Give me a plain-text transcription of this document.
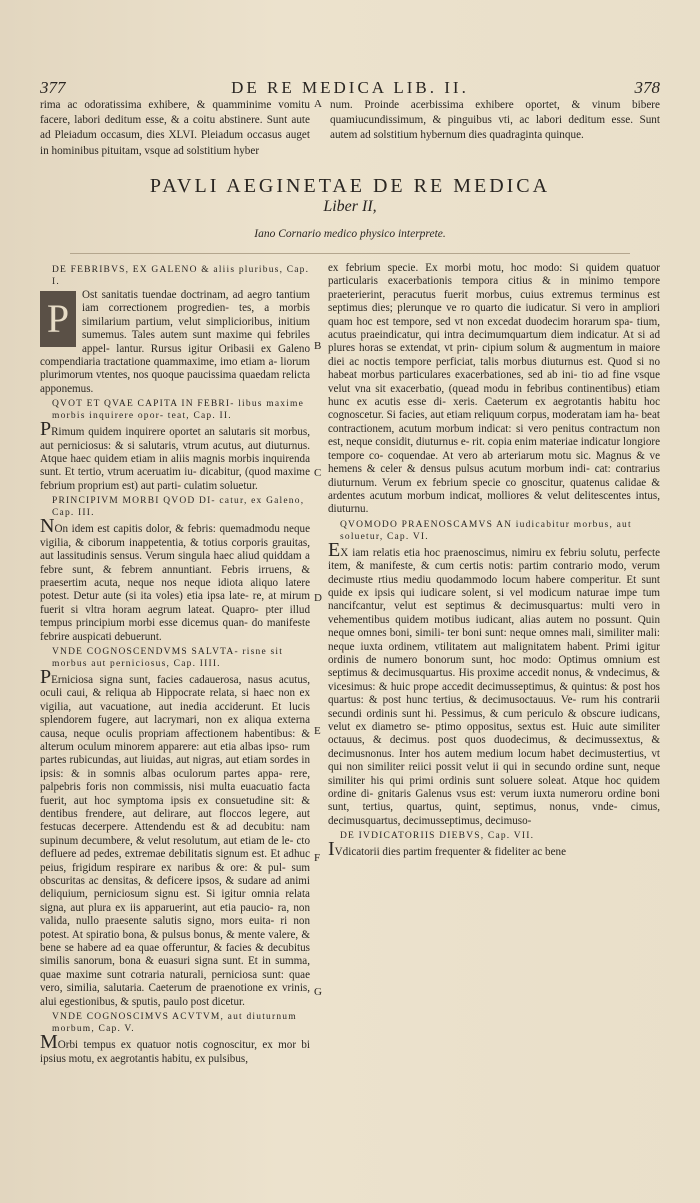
377	DE RE MEDICA LIB. II.	378
rima ac odoratissima exhibere, & quamminime vomitu facere, labori deditum esse, & a coitu abstinere. Sunt aute ad Pleiadum occasum, dies XLVI. Pleiadum occasus auget in hominibus pituitam, vsque ad solstitium hyber
num. Proinde acerbissima exhibere oportet, & vinum bibere quamiucundissimum, & pinguibus vti, ac labori deditum esse. Sunt autem ad solstitium hybernum dies quadraginta quinque.
A
B
C
D
E
F
G
PAVLI AEGINETAE DE RE MEDICA
Liber II,
Iano Cornario medico physico interprete.
DE FEBRIBVS, EX GALENO & aliis pluribus, Cap. I.

P
Ost sanitatis tuendae doctrinam, ad aegro tantium iam correctionem progredien- tes, a morbis similarium partium, velut simplicioribus, initium sumemus. Tales autem sunt maxime qui febriles appel- lantur. Rursus igitur Oribasii ex Galeno compendiaria tractatione quammaxime, imo etiam a- liorum plurimorum vtentes, nos quoque paucissima quaedam relicta apponemus.

QVOT ET QVAE CAPITA IN FEBRI- libus maxime morbis inquirere opor- teat, Cap. II.

PRimum quidem inquirere oportet an salutaris sit morbus, aut perniciosus: & si salutaris, vtrum acutus, aut diuturnus. Atque haec quidem etiam in aliis magnis morbis inquirenda sunt. Et tertio, vtrum aceruatim iu- dicabitur, (quod maxime febrium proprium est) aut parti- culatim soluetur.

PRINCIPIVM MORBI QVOD DI- catur, ex Galeno, Cap. III.

NOn idem est capitis dolor, & febris: quemadmodu neque vigilia, & ciborum inappetentia, & totius corporis grauitas, aut lassitudinis sensus. Verum singula haec aliud quiddam a febre sunt, & febrem annuntiant. Febris irruens, & praesertim acuta, neque nos neque idiota aliquo latere potest. Detur aute (si ita voles) etia ipsa late- re, at mirum fuerit si vltra horam aegrum lateat. Quapro- pter illud tempus principium morbi esse dicemus quan- do manifeste febrire auspicati debuerunt.

VNDE COGNOSCENDVMS SALVTA- risne sit morbus aut perniciosus, Cap. IIII.

PErniciosa signa sunt, facies cadauerosa, nasus acutus, oculi caui, & reliqua ab Hippocrate relata, si haec non ex vigilia, aut vacuatione, aut inedia acciderunt. Et lucis splendorem fugere, aut lacrymari, non ex aliqua externa causa, neque oculis propriam affectionem habentibus: & alterum oculum minorem apparere: aut etia albas ipso- rum partes rubicundas, aut liuidas, aut nigras, aut etiam sordes in ipsis: & in somnis albas oculorum partes appa- rere, palpebris foris non commissis, nisi multa euacuatio facta fuerit, aut hoc symptoma ipsis ex consuetudine sit: & dentibus frendere, aut delirare, aut floccos legere, aut festucas decerpere. Attendendu est & ad decubitu: nam supinum decumbere, & velut resolutum, aut etiam de le- cto defluere ad pedes, extremae debilitatis signum est. Et adhuc peius, frigidum respirare ex naribus & ore: & pul- sum obscuritas ac densitas, & deficere ipsos, & sudare ad animi deliquium, perniciosum signu est. Si igitur omnia relata signa, aut plura ex iis apparuerint, aut etia paucio- ra, non valida, nullo praesente salutis signo, mors euita- ri non potest. At spiratio bona, & pulsus bonus, & mente valere, & bene se habere ad ea quae offeruntur, & facies & decubitus similis sanorum, bona & euasuri signa sunt. Et in summa, quae maxime sunt cotraria naturali, perniciosa sunt: quae vero, similia, salutaria. Caeterum de praenotione ex vrinis, alui egestionibus, & sputis, paulo post dicetur.

VNDE COGNOSCIMVS ACVTVM, aut diuturnum morbum, Cap. V.

MOrbi tempus ex quatuor notis cognoscitur, ex mor bi ipsius motu, ex aegrotantis habitu, ex pulsibus,

ex febrium specie. Ex morbi motu, hoc modo: Si quidem quatuor particularis exacerbationis tempora citius & in minimo tempore praeterierint, peracutus fuerit morbus, cuius extremus terminus est septimus dies; plerunque ve ro quarto die iudicatur. Si vero in ampliori quam hoc est tempore, sed vt non excedat duodecim horarum spa- tium, acutus praeindicatur, qui intra decimumquartum diem indicatur. At si ad plures horas se extendat, vt prin- cipium solum & augmentum in maiore diei ac noctis tempore perficiat, talis morbus diuturnus est. Quod si no habeat morbus particulares exacerbationes, sed ab ini- tio ad fine vsque velut vna sit exacerbatio, (quead modu in febribus continentibus) etiam hunc ex acutis esse di- xeris. Caeterum ex aegrotantis habitu hoc cognoscetur. Si facies, aut etiam reliquum corpus, moderatam iam ha- beat contractionem, acutum morbum indicat: si vero penitus contractum non est, neque considit, diuturnus e- rit. copia enim materiae indicatur longiore tempore co- coquendae. At vero ab arteriarum motu sic. Magnus & ve hemens & celer & densus pulsus acutum morbum indi- cat: contrarius diuturnum. Verum ex febrium specie co gnoscitur, quatenus calidae & ardentes acutum morbum indicat, molliores & velut delitescentes intus, diuturnu.

QVOMODO PRAENOSCAMVS AN iudicabitur morbus, aut soluetur, Cap. VI.

EX iam relatis etia hoc praenoscimus, nimiru ex febriu solutu, perfecte item, & manifeste, & cum certis notis: partim contrario modo, verum decimuste rtius mediu quodammodo locum habere comperitur. Et sunt quide ex ipsis qui iudicare solent, si vel modicum naturae impe tum nancifcantur, velut est septimus & decimusquartus: multi vero in vehementibus quidem motibus iudicant, alias autem no possunt. Quin neque omnes boni, simili- ter boni sunt: neque omnes mali, similiter mali: neque iuxta ordinem, vtilitatem aut malignitatem habent. Primi igitur ordinis de numero bonorum sunt, hoc modo: Optimus omnium est septimus & decimusquartus. His proxime accedit nonus, & vndecimus, & vicesimus: & huic prope accedit decimusseptimus, & quintus: & post hos quartus: & post hunc tertius, & decimusoctauus. Ve- rum his contrarii secundi ordinis sunt hi. Pessimus, & cum periculo & obscure iudicans, velut ex diametro se- ptimo oppositus, sextus est. Huic aute similiter octauus, & decimus. post quos duodecimus, & decimussextus, & decimusnonus. Inter hos autem medium locum habet decimustertius, vt qui non similiter reiici possit velut ii qui in secundo ordine sunt, neque similiter his qui primi ordinis sunt soluere soleat. Atque hoc quidem ordine di- gnitaris Galenus vsus est: verum iuxta numeroru ordine boni sunt, tertius, quartus, quint, septimus, nonus, vnde- cimus, decimusquartus, decimusseptimus, decimuso-

DE IVDICATORIIS DIEBVS, Cap. VII.

IVdicatorii dies partim frequenter & fideliter ac bene
